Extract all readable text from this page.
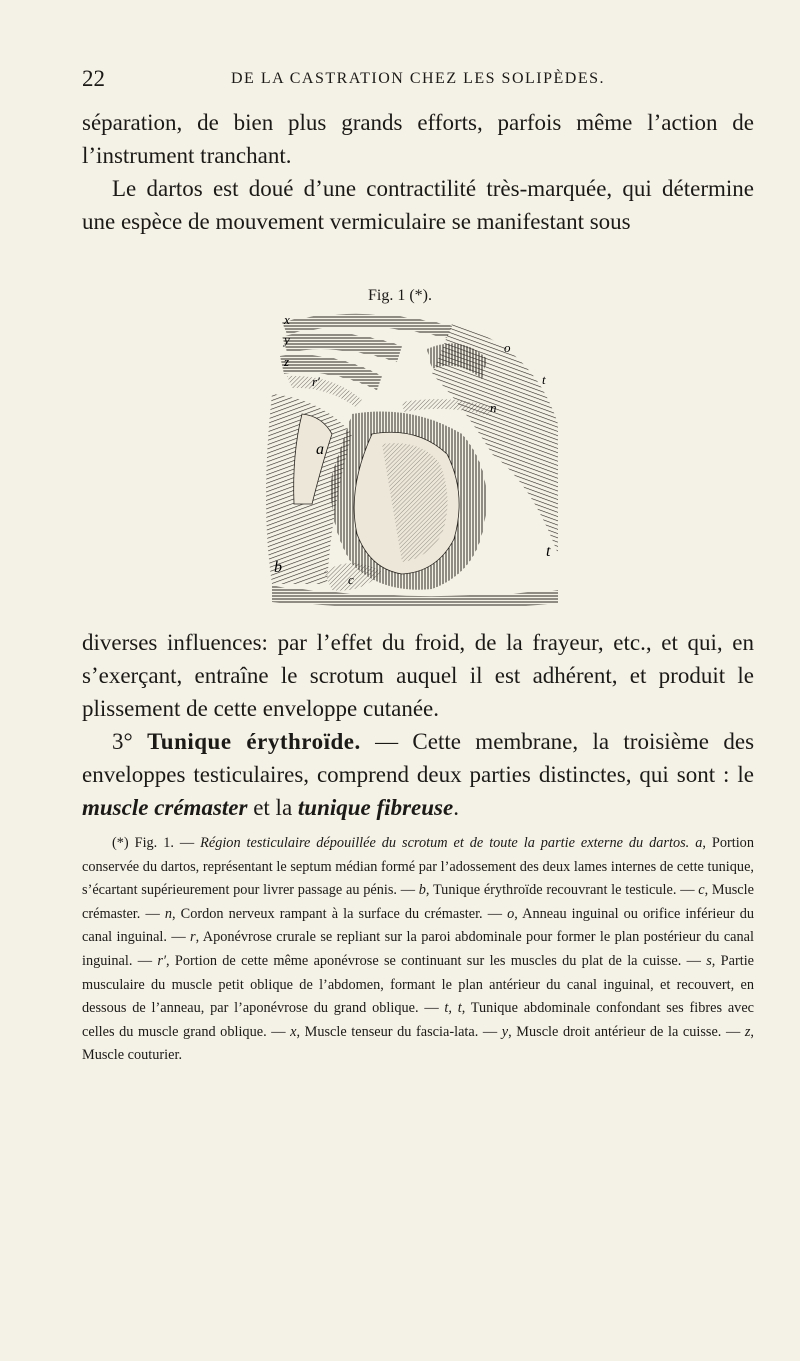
22	DE LA CASTRATION CHEZ LES SOLIPÈDES.

séparation, de bien plus grands efforts, parfois même l’action de l’instrument tranchant.

Le dartos est doué d’une contractilité très-marquée, qui détermine une espèce de mouvement vermiculaire se manifestant sous

Fig. 1 (*).
x
y
z
r′
o
t
n
a
t
b
c

diverses influences: par l’effet du froid, de la frayeur, etc., et qui, en s’exerçant, entraîne le scrotum auquel il est adhérent, et produit le plissement de cette enveloppe cutanée.

3° Tunique érythroïde. — Cette membrane, la troisième des enveloppes testiculaires, comprend deux parties distinctes, qui sont : le muscle crémaster et la tunique fibreuse.

(*) Fig. 1. — Région testiculaire dépouillée du scrotum et de toute la partie externe du dartos. a, Portion conservée du dartos, représentant le septum médian formé par l’adossement des deux lames internes de cette tunique, s’écartant supérieurement pour livrer passage au pénis. — b, Tunique érythroïde recouvrant le testicule. — c, Muscle crémaster. — n, Cordon nerveux rampant à la surface du crémaster. — o, Anneau inguinal ou orifice inférieur du canal inguinal. — r, Aponévrose crurale se repliant sur la paroi abdominale pour former le plan postérieur du canal inguinal. — r′, Portion de cette même aponévrose se continuant sur les muscles du plat de la cuisse. — s, Partie musculaire du muscle petit oblique de l’abdomen, formant le plan antérieur du canal inguinal, et recouvert, en dessous de l’anneau, par l’aponévrose du grand oblique. — t, t, Tunique abdominale confondant ses fibres avec celles du muscle grand oblique. — x, Muscle tenseur du fascia-lata. — y, Muscle droit antérieur de la cuisse. — z, Muscle couturier.
